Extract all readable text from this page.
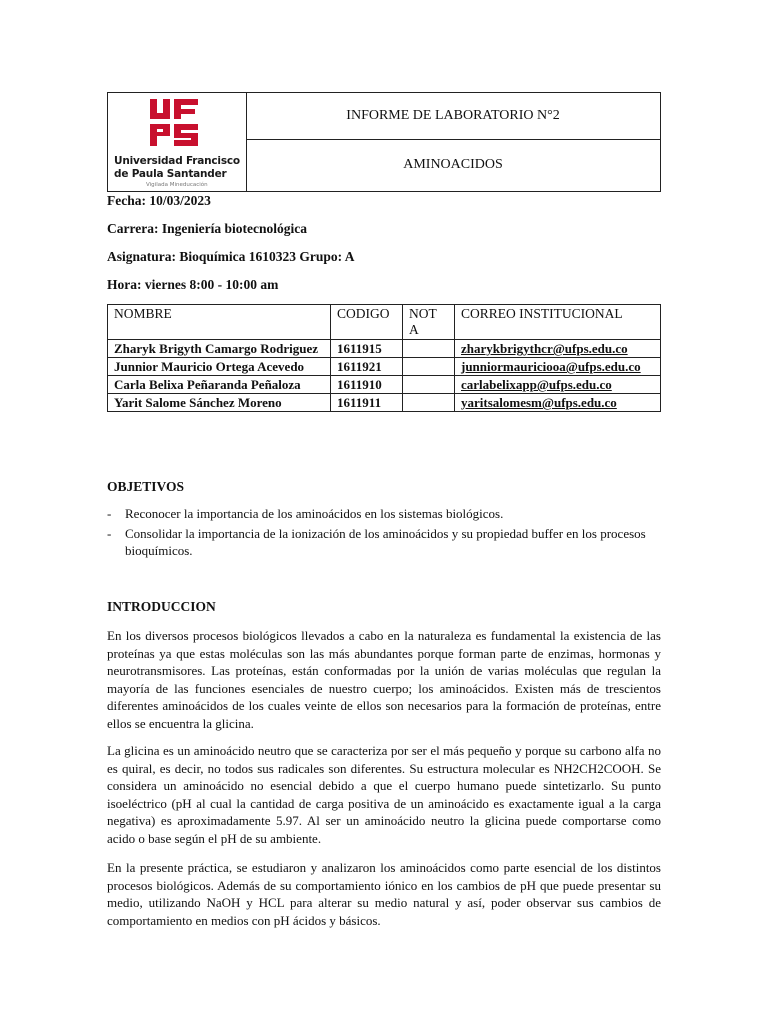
Universidad Francisco
de Paula Santander
Vigilada Mineducación
INFORME DE LABORATORIO N°2
AMINOACIDOS
Fecha: 10/03/2023
Carrera: Ingeniería biotecnológica
Asignatura: Bioquímica 1610323 Grupo: A
Hora: viernes 8:00 - 10:00 am
NOMBRE	CODIGO	NOT A	CORREO INSTITUCIONAL
Zharyk Brigyth Camargo Rodriguez	1611915		zharykbrigythcr@ufps.edu.co
Junnior Mauricio Ortega Acevedo	1611921		junniormauriciooa@ufps.edu.co
Carla Belixa Peñaranda Peñaloza	1611910		carlabelixapp@ufps.edu.co
Yarit Salome Sánchez Moreno	1611911		yaritsalomesm@ufps.edu.co
OBJETIVOS
- Reconocer la importancia de los aminoácidos en los sistemas biológicos.
- Consolidar la importancia de la ionización de los aminoácidos y su propiedad buffer en los procesos bioquímicos.
INTRODUCCION

En los diversos procesos biológicos llevados a cabo en la naturaleza es fundamental la existencia de las proteínas ya que estas moléculas son las más abundantes porque forman parte de enzimas, hormonas y neurotransmisores. Las proteínas, están conformadas por la unión de varias moléculas que regulan la mayoría de las funciones esenciales de nuestro cuerpo; los aminoácidos. Existen más de trescientos diferentes aminoácidos de los cuales veinte de ellos son necesarios para la formación de proteínas, entre ellos se encuentra la glicina.

La glicina es un aminoácido neutro que se caracteriza por ser el más pequeño y porque su carbono alfa no es quiral, es decir, no todos sus radicales son diferentes. Su estructura molecular es NH2CH2COOH. Se considera un aminoácido no esencial debido a que el cuerpo humano puede sintetizarlo. Su punto isoeléctrico (pH al cual la cantidad de carga positiva de un aminoácido es exactamente igual a la carga negativa) es aproximadamente 5.97. Al ser un aminoácido neutro la glicina puede comportarse como acido o base según el pH de su ambiente.

En la presente práctica, se estudiaron y analizaron los aminoácidos como parte esencial de los distintos procesos biológicos. Además de su comportamiento iónico en los cambios de pH que puede presentar su medio, utilizando NaOH y HCL para alterar su medio natural y así, poder observar sus cambios de comportamiento en medios con pH ácidos y básicos.
